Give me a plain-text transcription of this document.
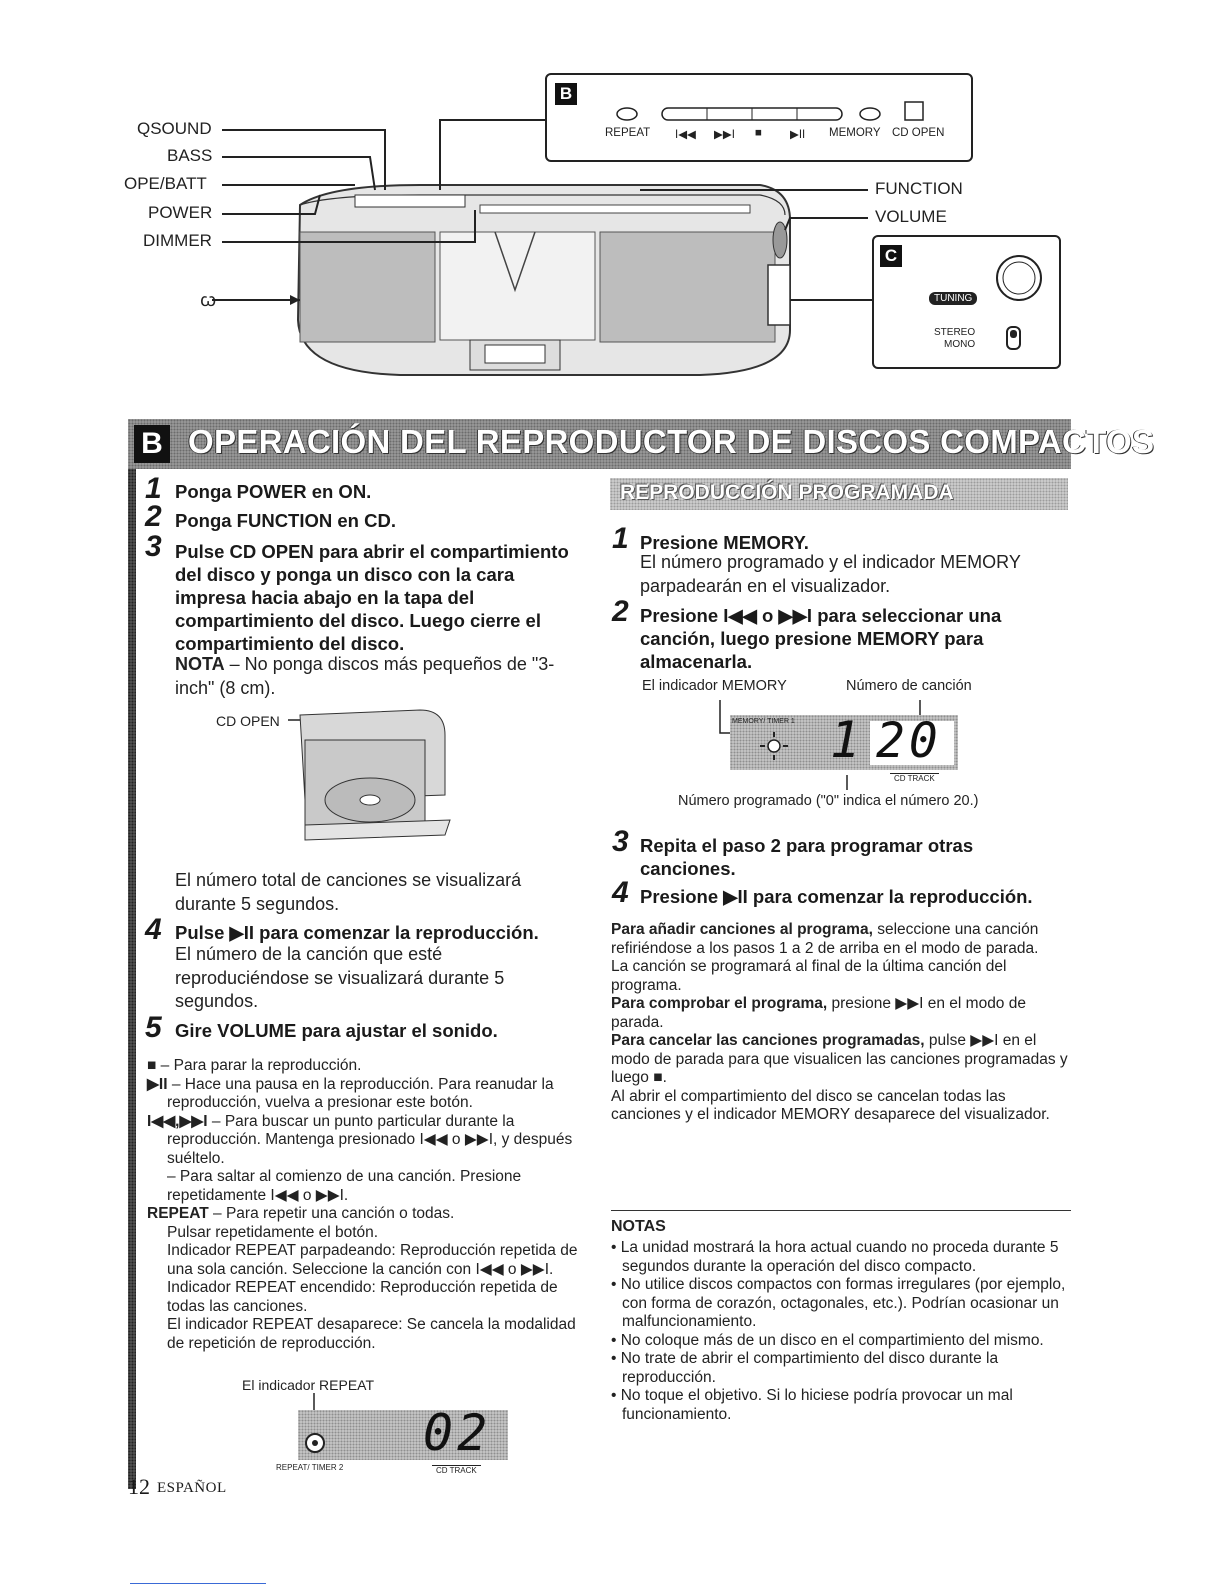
QSOUND
BASS
OPE/BATT
POWER
DIMMER
ꞷ
FUNCTION
VOLUME
B
REPEAT I◀◀ ▶▶I ■ ▶II MEMORY CD OPEN
C
TUNING
STEREO
MONO
B OPERACIÓN DEL REPRODUCTOR DE DISCOS COMPACTOS
1 Ponga POWER en ON.
2 Ponga FUNCTION en CD.
3 Pulse CD OPEN para abrir el compartimiento del disco y ponga un disco con la cara impresa hacia abajo en la tapa del compartimiento del disco. Luego cierre el compartimiento del disco.
NOTA – No ponga discos más pequeños de "3-inch" (8 cm).
CD OPEN
El número total de canciones se visualizará durante 5 segundos.
4 Pulse ▶II para comenzar la reproducción.
El número de la canción que esté reproduciéndose se visualizará durante 5 segundos.
5 Gire VOLUME para ajustar el sonido.
■ – Para parar la reproducción.
▶II – Hace una pausa en la reproducción. Para reanudar la reproducción, vuelva a presionar este botón.
I◀◀,▶▶I – Para buscar un punto particular durante la reproducción. Mantenga presionado I◀◀ o ▶▶I, y después suéltelo.
– Para saltar al comienzo de una canción. Presione repetidamente I◀◀ o ▶▶I.
REPEAT – Para repetir una canción o todas.
Pulsar repetidamente el botón.
Indicador REPEAT parpadeando: Reproducción repetida de una sola canción. Seleccione la canción con I◀◀ o ▶▶I.
Indicador REPEAT encendido: Reproducción repetida de todas las canciones.
El indicador REPEAT desaparece: Se cancela la modalidad de repetición de reproducción.
El indicador REPEAT
02
REPEAT/ TIMER 2	CD TRACK
REPRODUCCIÓN PROGRAMADA
1 Presione MEMORY.
El número programado y el indicador MEMORY parpadearán en el visualizador.
2 Presione I◀◀ o ▶▶I para seleccionar una canción, luego presione MEMORY para almacenarla.
El indicador MEMORY	Número de canción
MEMORY/ TIMER 1 1 20
CD TRACK
Número programado ("0" indica el número 20.)
3 Repita el paso 2 para programar otras canciones.
4 Presione ▶II para comenzar la reproducción.
Para añadir canciones al programa, seleccione una canción refiriéndose a los pasos 1 a 2 de arriba en el modo de parada.
La canción se programará al final de la última canción del programa.
Para comprobar el programa, presione ▶▶I en el modo de parada.
Para cancelar las canciones programadas, pulse ▶▶I en el modo de parada para que visualicen las canciones programadas y luego ■.
Al abrir el compartimiento del disco se cancelan todas las canciones y el indicador MEMORY desaparece del visualizador.
NOTAS
• La unidad mostrará la hora actual cuando no proceda durante 5 segundos durante la operación del disco compacto.
• No utilice discos compactos con formas irregulares (por ejemplo, con forma de corazón, octagonales, etc.). Podrían ocasionar un malfuncionamiento.
• No coloque más de un disco en el compartimiento del mismo.
• No trate de abrir el compartimiento del disco durante la reproducción.
• No toque el objetivo. Si lo hiciese podría provocar un mal funcionamiento.
12 ESPAÑOL
